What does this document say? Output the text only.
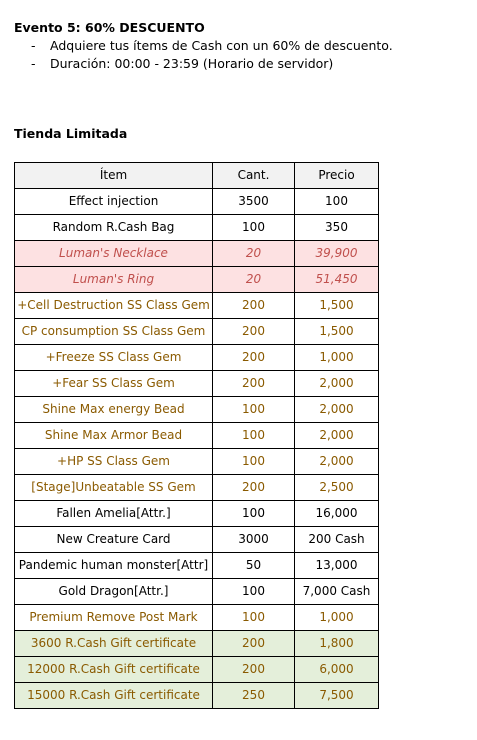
Evento 5: 60% DESCUENTO
- Adquiere tus ítems de Cash con un 60% de descuento.
- Duración: 00:00 - 23:59 (Horario de servidor)
Tienda Limitada
Ítem	Cant.	Precio
Effect injection	3500	100
Random R.Cash Bag	100	350
Luman's Necklace	20	39,900
Luman's Ring	20	51,450
+Cell Destruction SS Class Gem	200	1,500
CP consumption SS Class Gem	200	1,500
+Freeze SS Class Gem	200	1,000
+Fear SS Class Gem	200	2,000
Shine Max energy Bead	100	2,000
Shine Max Armor Bead	100	2,000
+HP SS Class Gem	100	2,000
[Stage]Unbeatable SS Gem	200	2,500
Fallen Amelia[Attr.]	100	16,000
New Creature Card	3000	200 Cash
Pandemic human monster[Attr]	50	13,000
Gold Dragon[Attr.]	100	7,000 Cash
Premium Remove Post Mark	100	1,000
3600 R.Cash Gift certificate	200	1,800
12000 R.Cash Gift certificate	200	6,000
15000 R.Cash Gift certificate	250	7,500
